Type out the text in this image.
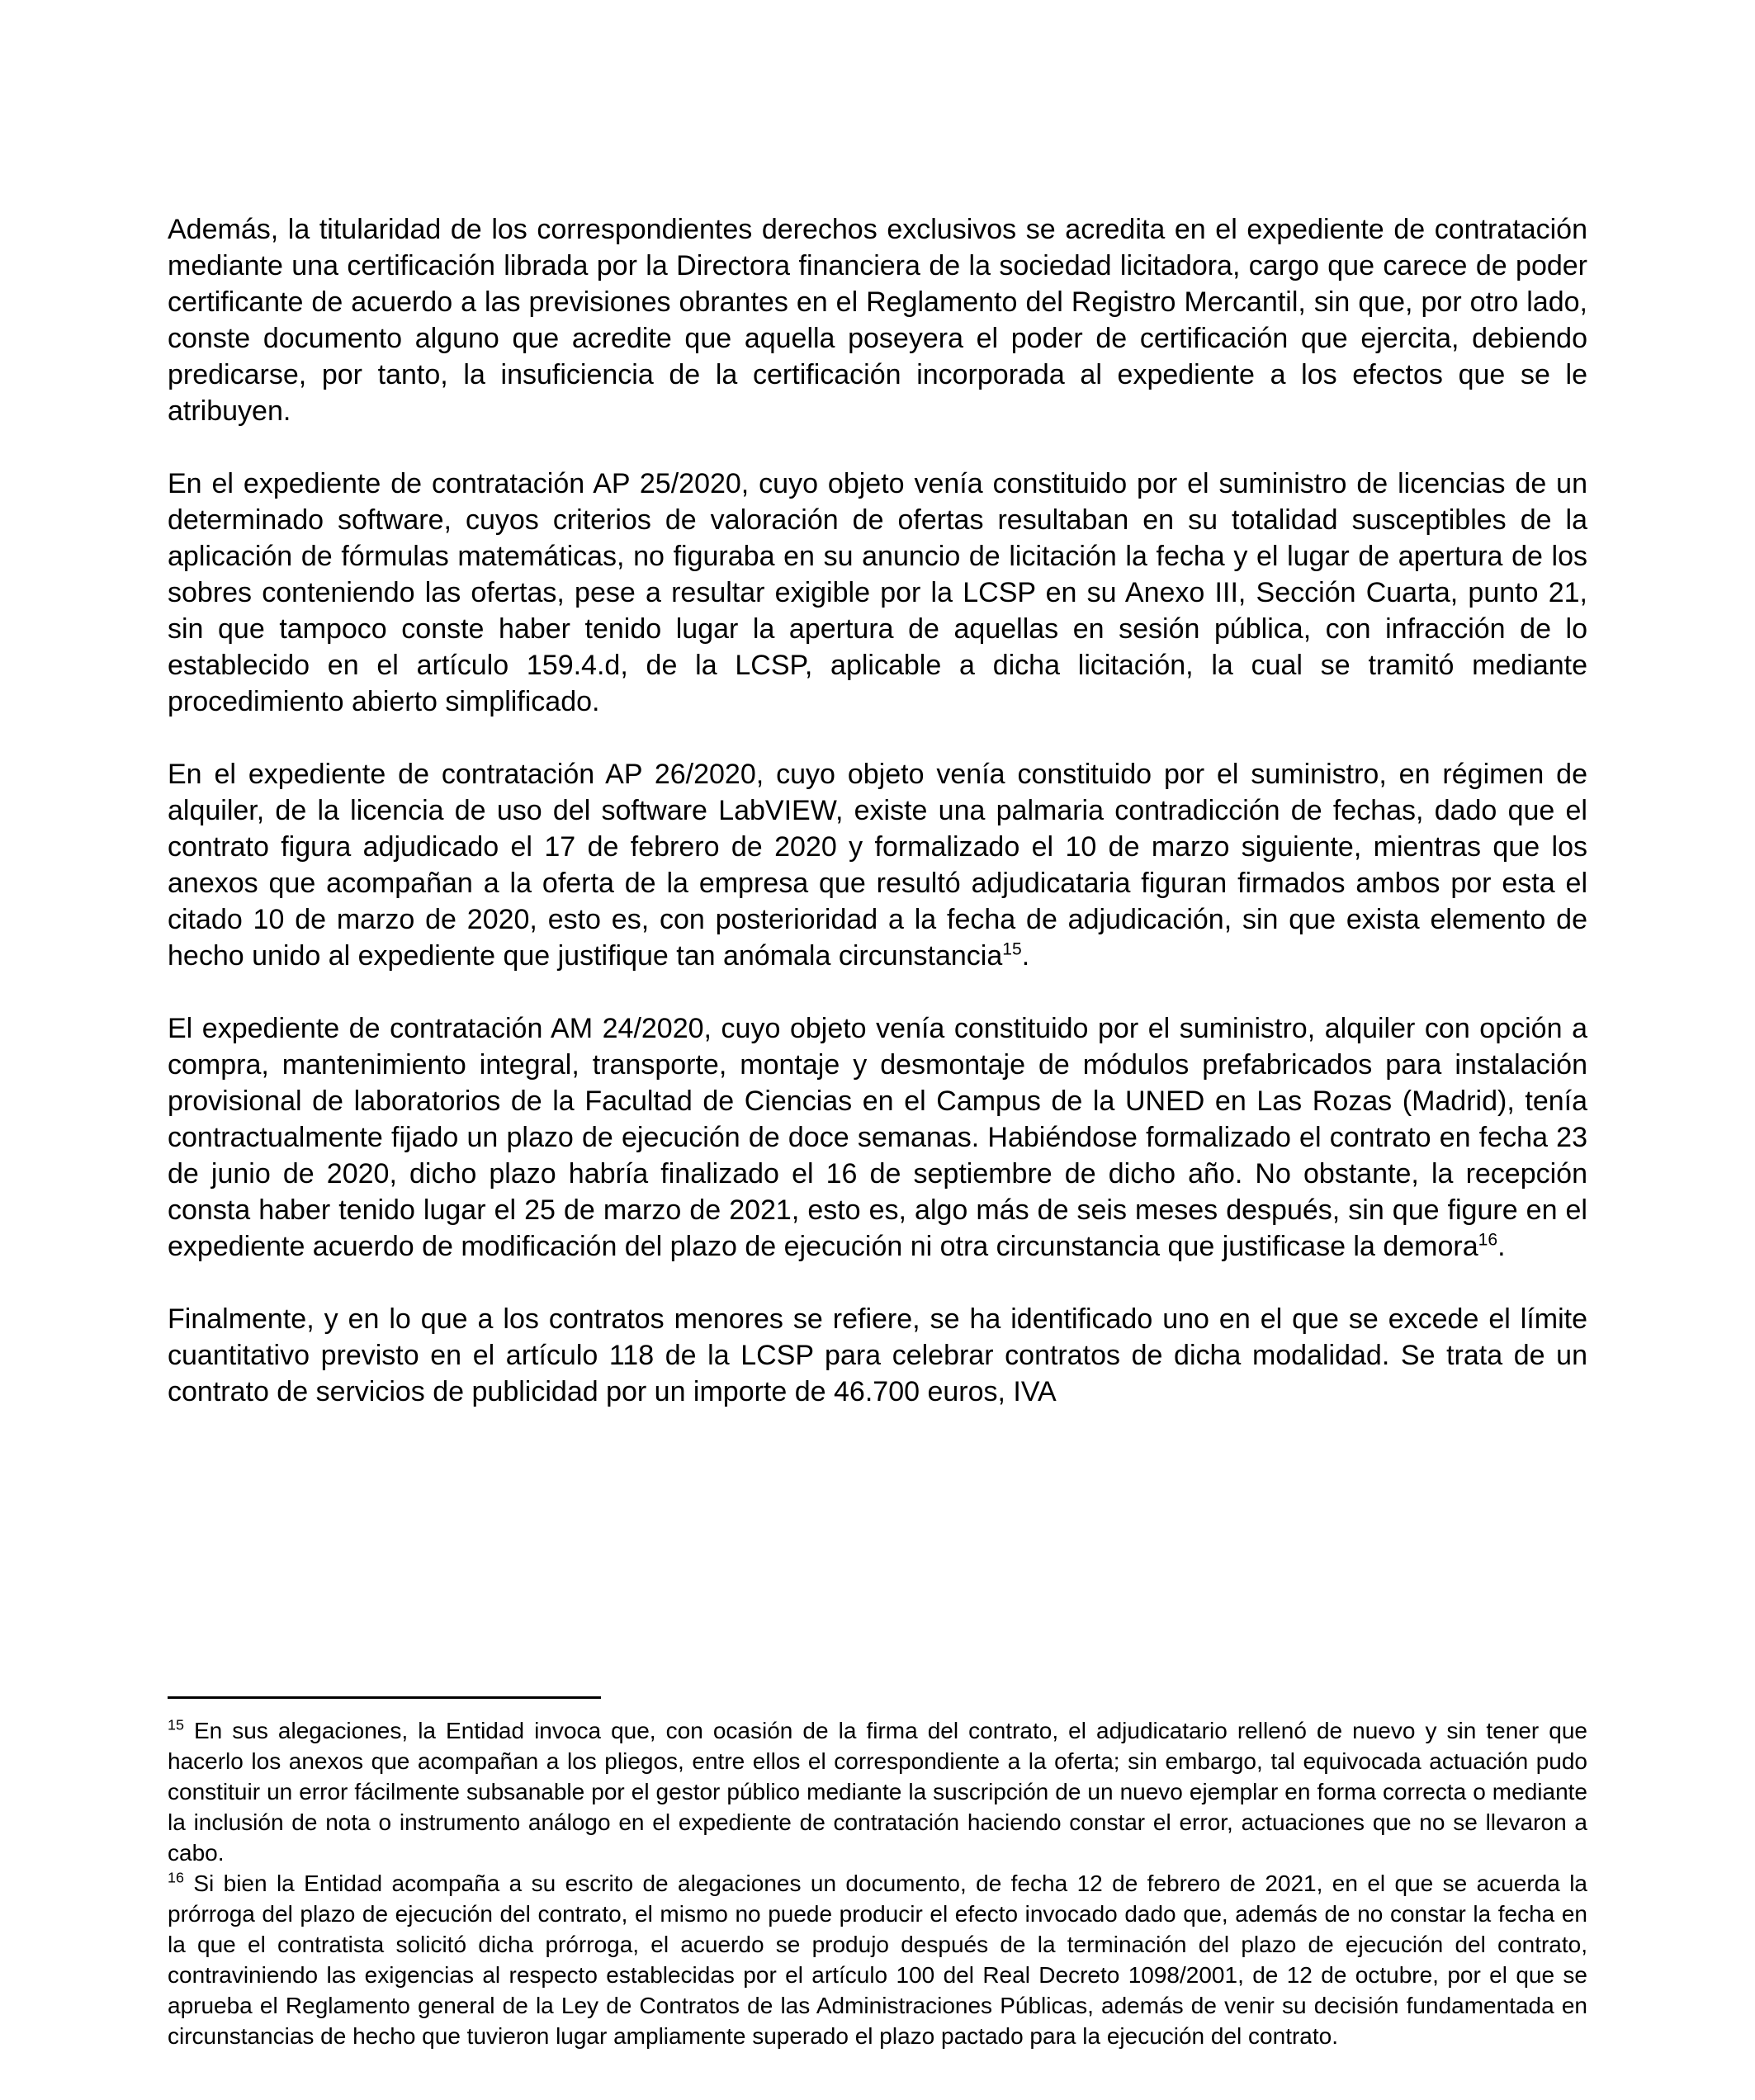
Además, la titularidad de los correspondientes derechos exclusivos se acredita en el expediente de contratación mediante una certificación librada por la Directora financiera de la sociedad licitadora, cargo que carece de poder certificante de acuerdo a las previsiones obrantes en el Reglamento del Registro Mercantil, sin que, por otro lado, conste documento alguno que acredite que aquella poseyera el poder de certificación que ejercita, debiendo predicarse, por tanto, la insuficiencia de la certificación incorporada al expediente a los efectos que se le atribuyen.

En el expediente de contratación AP 25/2020, cuyo objeto venía constituido por el suministro de licencias de un determinado software, cuyos criterios de valoración de ofertas resultaban en su totalidad susceptibles de la aplicación de fórmulas matemáticas, no figuraba en su anuncio de licitación la fecha y el lugar de apertura de los sobres conteniendo las ofertas, pese a resultar exigible por la LCSP en su Anexo III, Sección Cuarta, punto 21, sin que tampoco conste haber tenido lugar la apertura de aquellas en sesión pública, con infracción de lo establecido en el artículo 159.4.d, de la LCSP, aplicable a dicha licitación, la cual se tramitó mediante procedimiento abierto simplificado.

En el expediente de contratación AP 26/2020, cuyo objeto venía constituido por el suministro, en régimen de alquiler, de la licencia de uso del software LabVIEW, existe una palmaria contradicción de fechas, dado que el contrato figura adjudicado el 17 de febrero de 2020 y formalizado el 10 de marzo siguiente, mientras que los anexos que acompañan a la oferta de la empresa que resultó adjudicataria figuran firmados ambos por esta el citado 10 de marzo de 2020, esto es, con posterioridad a la fecha de adjudicación, sin que exista elemento de hecho unido al expediente que justifique tan anómala circunstancia$^{15}$.

El expediente de contratación AM 24/2020, cuyo objeto venía constituido por el suministro, alquiler con opción a compra, mantenimiento integral, transporte, montaje y desmontaje de módulos prefabricados para instalación provisional de laboratorios de la Facultad de Ciencias en el Campus de la UNED en Las Rozas (Madrid), tenía contractualmente fijado un plazo de ejecución de doce semanas. Habiéndose formalizado el contrato en fecha 23 de junio de 2020, dicho plazo habría finalizado el 16 de septiembre de dicho año. No obstante, la recepción consta haber tenido lugar el 25 de marzo de 2021, esto es, algo más de seis meses después, sin que figure en el expediente acuerdo de modificación del plazo de ejecución ni otra circunstancia que justificase la demora$^{16}$.

Finalmente, y en lo que a los contratos menores se refiere, se ha identificado uno en el que se excede el límite cuantitativo previsto en el artículo 118 de la LCSP para celebrar contratos de dicha modalidad. Se trata de un contrato de servicios de publicidad por un importe de 46.700 euros, IVA

$^{15}$ En sus alegaciones, la Entidad invoca que, con ocasión de la firma del contrato, el adjudicatario rellenó de nuevo y sin tener que hacerlo los anexos que acompañan a los pliegos, entre ellos el correspondiente a la oferta; sin embargo, tal equivocada actuación pudo constituir un error fácilmente subsanable por el gestor público mediante la suscripción de un nuevo ejemplar en forma correcta o mediante la inclusión de nota o instrumento análogo en el expediente de contratación haciendo constar el error, actuaciones que no se llevaron a cabo.

$^{16}$ Si bien la Entidad acompaña a su escrito de alegaciones un documento, de fecha 12 de febrero de 2021, en el que se acuerda la prórroga del plazo de ejecución del contrato, el mismo no puede producir el efecto invocado dado que, además de no constar la fecha en la que el contratista solicitó dicha prórroga, el acuerdo se produjo después de la terminación del plazo de ejecución del contrato, contraviniendo las exigencias al respecto establecidas por el artículo 100 del Real Decreto 1098/2001, de 12 de octubre, por el que se aprueba el Reglamento general de la Ley de Contratos de las Administraciones Públicas, además de venir su decisión fundamentada en circunstancias de hecho que tuvieron lugar ampliamente superado el plazo pactado para la ejecución del contrato.
